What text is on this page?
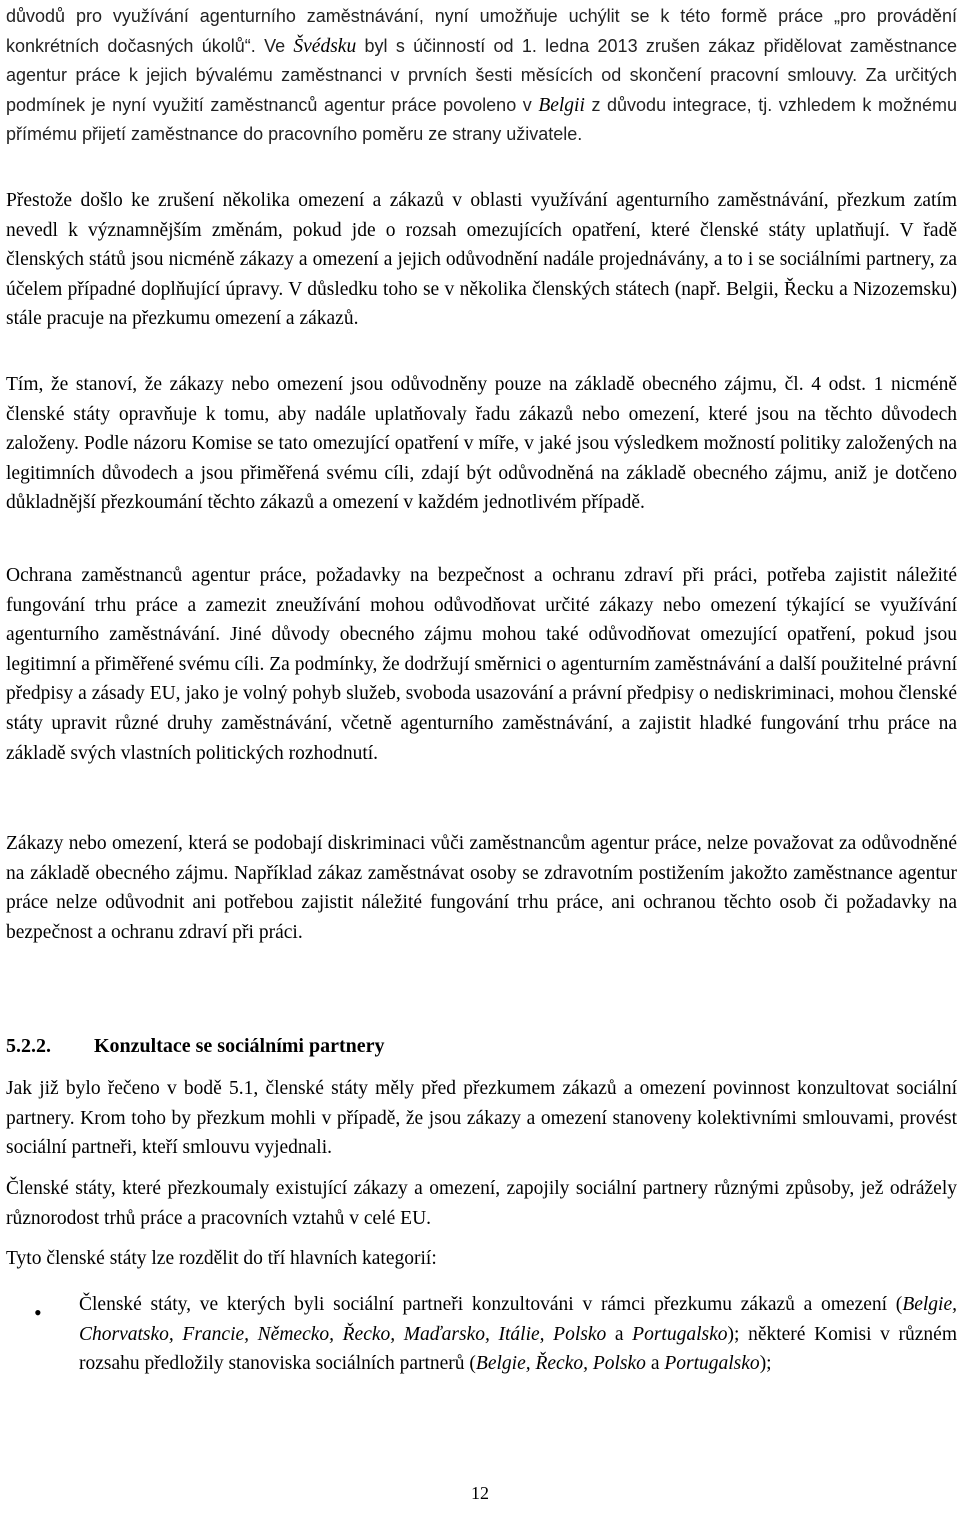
důvodů pro využívání agenturního zaměstnávání, nyní umožňuje uchýlit se k této formě práce „pro provádění konkrétních dočasných úkolů“. Ve Švédsku byl s účinností od 1. ledna 2013 zrušen zákaz přidělovat zaměstnance agentur práce k jejich bývalému zaměstnanci v prvních šesti měsících od skončení pracovní smlouvy. Za určitých podmínek je nyní využití zaměstnanců agentur práce povoleno v Belgii z důvodu integrace, tj. vzhledem k možnému přímému přijetí zaměstnance do pracovního poměru ze strany uživatele.

Přestože došlo ke zrušení několika omezení a zákazů v oblasti využívání agenturního zaměstnávání, přezkum zatím nevedl k významnějším změnám, pokud jde o rozsah omezujících opatření, které členské státy uplatňují. V řadě členských států jsou nicméně zákazy a omezení a jejich odůvodnění nadále projednávány, a to i se sociálními partnery, za účelem případné doplňující úpravy. V důsledku toho se v několika členských státech (např. Belgii, Řecku a Nizozemsku) stále pracuje na přezkumu omezení a zákazů.

Tím, že stanoví, že zákazy nebo omezení jsou odůvodněny pouze na základě obecného zájmu, čl. 4 odst. 1 nicméně členské státy opravňuje k tomu, aby nadále uplatňovaly řadu zákazů nebo omezení, které jsou na těchto důvodech založeny. Podle názoru Komise se tato omezující opatření v míře, v jaké jsou výsledkem možností politiky založených na legitimních důvodech a jsou přiměřená svému cíli, zdají být odůvodněná na základě obecného zájmu, aniž je dotčeno důkladnější přezkoumání těchto zákazů a omezení v každém jednotlivém případě.

Ochrana zaměstnanců agentur práce, požadavky na bezpečnost a ochranu zdraví při práci, potřeba zajistit náležité fungování trhu práce a zamezit zneužívání mohou odůvodňovat určité zákazy nebo omezení týkající se využívání agenturního zaměstnávání. Jiné důvody obecného zájmu mohou také odůvodňovat omezující opatření, pokud jsou legitimní a přiměřené svému cíli. Za podmínky, že dodržují směrnici o agenturním zaměstnávání a další použitelné právní předpisy a zásady EU, jako je volný pohyb služeb, svoboda usazování a právní předpisy o nediskriminaci, mohou členské státy upravit různé druhy zaměstnávání, včetně agenturního zaměstnávání, a zajistit hladké fungování trhu práce na základě svých vlastních politických rozhodnutí.

Zákazy nebo omezení, která se podobají diskriminaci vůči zaměstnancům agentur práce, nelze považovat za odůvodněné na základě obecného zájmu. Například zákaz zaměstnávat osoby se zdravotním postižením jakožto zaměstnance agentur práce nelze odůvodnit ani potřebou zajistit náležité fungování trhu práce, ani ochranou těchto osob či požadavky na bezpečnost a ochranu zdraví při práci.

5.2.2. Konzultace se sociálními partnery

Jak již bylo řečeno v bodě 5.1, členské státy měly před přezkumem zákazů a omezení povinnost konzultovat sociální partnery. Krom toho by přezkum mohli v případě, že jsou zákazy a omezení stanoveny kolektivními smlouvami, provést sociální partneři, kteří smlouvu vyjednali.

Členské státy, které přezkoumaly existující zákazy a omezení, zapojily sociální partnery různými způsoby, jež odrážely různorodost trhů práce a pracovních vztahů v celé EU.

Tyto členské státy lze rozdělit do tří hlavních kategorií:

• Členské státy, ve kterých byli sociální partneři konzultováni v rámci přezkumu zákazů a omezení (Belgie, Chorvatsko, Francie, Německo, Řecko, Maďarsko, Itálie, Polsko a Portugalsko); některé Komisi v různém rozsahu předložily stanoviska sociálních partnerů (Belgie, Řecko, Polsko a Portugalsko);

12
